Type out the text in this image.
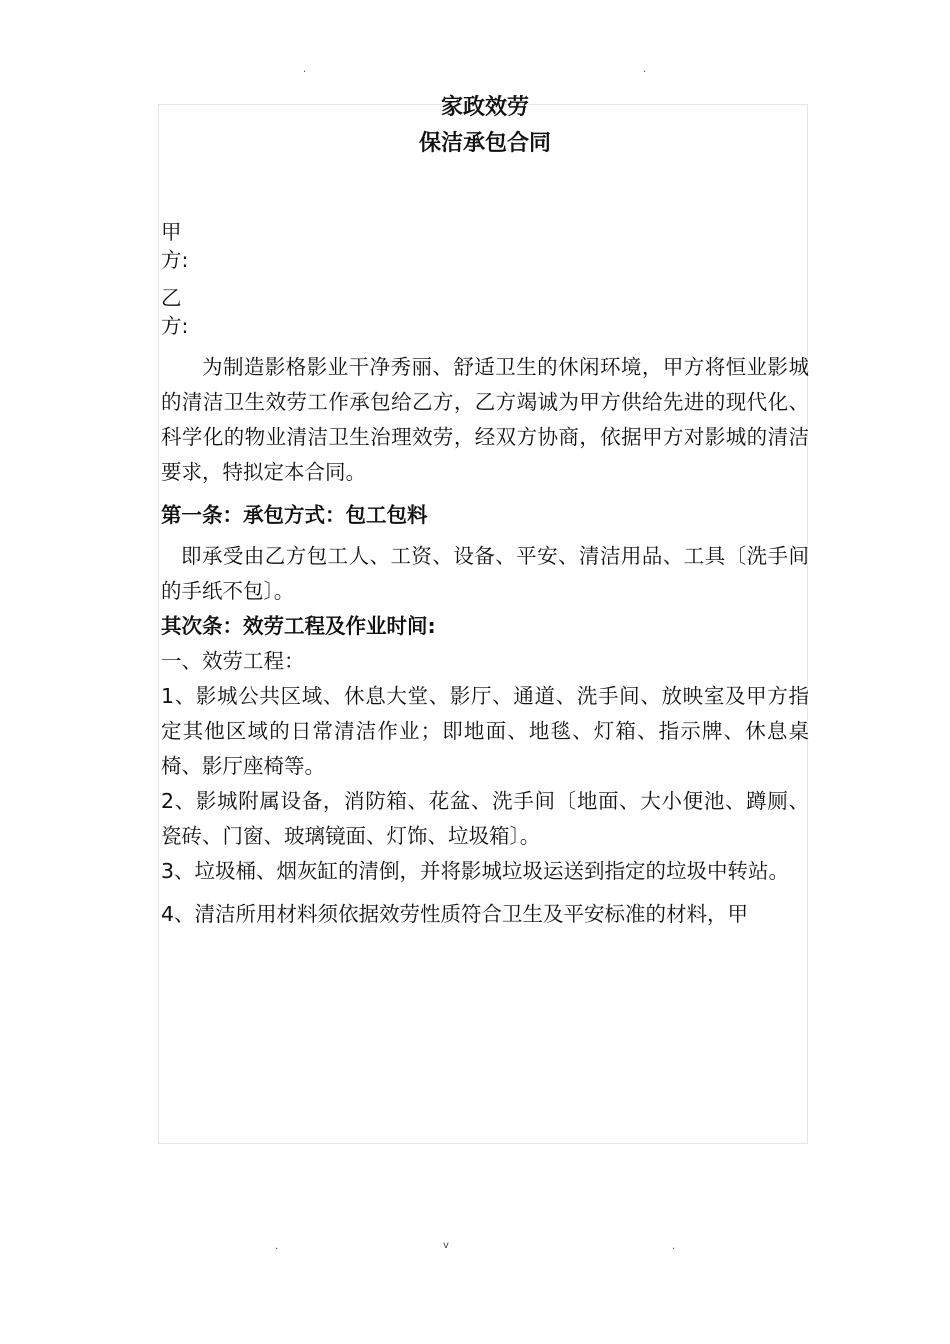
.	.
家政效劳
保洁承包合同

甲方:

乙方:

为制造影格影业干净秀丽、舒适卫生的休闲环境，甲方将恒业影城的清洁卫生效劳工作承包给乙方，乙方竭诚为甲方供给先进的现代化、科学化的物业清洁卫生治理效劳，经双方协商，依据甲方对影城的清洁要求，特拟定本合同。

第一条：承包方式：包工包料

即承受由乙方包工人、工资、设备、平安、清洁用品、工具〔洗手间的手纸不包〕。

其次条：效劳工程及作业时间:

一、效劳工程：

1、影城公共区域、休息大堂、影厅、通道、洗手间、放映室及甲方指定其他区域的日常清洁作业；即地面、地毯、灯箱、指示牌、休息桌椅、影厅座椅等。

2、影城附属设备，消防箱、花盆、洗手间〔地面、大小便池、蹲厕、瓷砖、门窗、玻璃镜面、灯饰、垃圾箱〕。

3、垃圾桶、烟灰缸的清倒，并将影城垃圾运送到指定的垃圾中转站。

4、清洁所用材料须依据效劳性质符合卫生及平安标准的材料，甲

.	v	.
